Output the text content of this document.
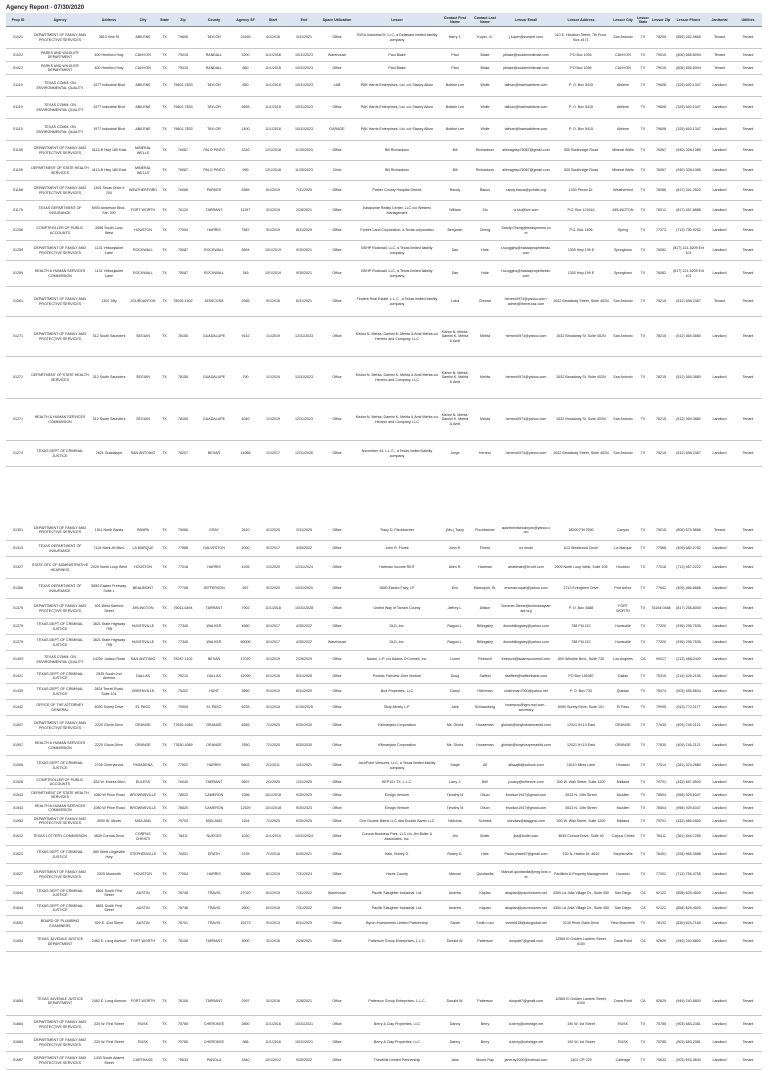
Agency Report - 07/30/2020
Prop ID	Agency	Address	City	State	Zip	County	Agency SF	Start	End	Space Utilization	Lessor	Contact First Name	Contact Last Name	Lessor Email	Lessor Address	Lessor City	Lessor State	Lessor Zip	Lessor Phone	Janitorial	Utilities
01021	DEPARTMENT OF FAMILY AND PROTECTIVE SERVICES	3610 Vine St	ABILENE	TX	79605	TAYLOR	23165	4/1/2016	3/31/2021	Office	SVEA Industrial III, LLC, a Delaware limited liability company	Harry J.	Kuper, Jr.	j.kuper@svearei.com	110 E. Houston Street, 7th Floor, Box #171	San Antonio	TX	78205	(855) 262-9665	Tenant	Tenant
01022	PARKS AND WILDLIFE DEPARTMENT	400 Hereford Hwy	CANYON	TX	79015	RANDALL	3200	11/1/2018	10/31/2023	Warehouse	Paul Blake	Paul	Blake	pblake@suddenlinkmail.com	PO Box 1094	CANYON	TX	79015	(806) 655-5094	Tenant	Tenant
01022	PARKS AND WILDLIFE DEPARTMENT	400 Hereford Hwy	CANYON	TX	79015	RANDALL	860	11/1/2018	10/31/2023	Office	Paul Blake	Paul	Blake	pblake@suddenlinkmail.com	PO Box 1094	CANYON	TX	79015	(806) 655-5094	Tenant	Tenant
01110	TEXAS COMM. ON ENVIRONMENTAL QUALITY	1977 Industrial Blvd	ABILENE	TX	79602-7833	TAYLOR	850	11/1/2018	10/31/2023	LAB	PAK Harris Enterprises, Ltd. c/o Stacey Allum	Bobbie Lee	Wolfe	talhum@harrisabilene.com	P. O. Box 5415	Abilene	TX	79608	(325) 692-1347	Landlord	Tenant
01110	TEXAS COMM. ON ENVIRONMENTAL QUALITY	1977 Industrial Blvd	ABILENE	TX	79602-7833	TAYLOR	6555	11/1/2018	10/31/2023	Office	PAK Harris Enterprises, Ltd. c/o Stacey Allum	Bobbie Lee	Wolfe	talhum@harrisabilene.com	P. O. Box 5415	Abilene	TX	79608	(325) 692-1347	Landlord	Tenant
01110	TEXAS COMM. ON ENVIRONMENTAL QUALITY	1977 Industrial Blvd	ABILENE	TX	79602-7833	TAYLOR	1400	11/1/2018	10/31/2023	GARAGE	PAK Harris Enterprises, Ltd. c/o Stacey Allum	Bobbie Lee	Wolfe	talhum@harrisabilene.com	P. O. Box 5415	Abilene	TX	79608	(325) 692-1347	Landlord	Tenant
01159	DEPARTMENT OF FAMILY AND PROTECTIVE SERVICES	4113-B Hwy 180 East	MINERAL WELLS	TX	76067	PALO PINTO	3310	12/1/2018	11/30/2023	Office	Bill Richardson	Bill	Richardson	allenagrisp76067@gmail.com	500 Southridge Road	Mineral Wells	TX	76067	(940) 328-1085	Landlord	Tenant
01159	DEPARTMENT OF STATE HEALTH SERVICES	4113-B Hwy 180 East	MINERAL WELLS	TX	76067	PALO PINTO	990	12/1/2018	11/30/2023	Clinic	Bill Richardson	Bill	Richardson	allenagrisp76067@gmail.com	500 Southridge Road	Mineral Wells	TX	76067	(940) 328-1085	Landlord	Tenant
01168	DEPARTMENT OF FAMILY AND PROTECTIVE SERVICES	1501 Texas Drive # 200	WEATHERFORD	TX	76086	PARKER	5365	8/1/2019	7/31/2020	Office	Parker County Hospital District	Randy	Bacus	randy.bacus@pchdtx.org	1330 Pecan Dr.	Weatherford	TX	76086	(817) 341-2520	Landlord	Tenant
01176	TEXAS DEPARTMENT OF INSURANCE	6900 Anderson Blvd., Ste. 200	FORT WORTH	TX	76120	TARRANT	11197	3/1/2019	2/28/2021	Office	Eastpointe Realty Center, LLC c/o Westrec Management	William	Siu	w.siu@live.com	P.O. Box 121616	ARLINGTON	TX	76012	(817) 457-8888	Landlord	Tenant
01256	COMPTROLLER OF PUBLIC ACCOUNTS	2656 South Loop West	HOUSTON	TX	77054	HARRIS	7687	9/1/2019	8/31/2029	Office	Forbes Land Corporation, a Texas corporation	Benjamin	Cheng	Sandy.Cheng@texasprimes.com	P.O. Box 1406	Spring	TX	77373	(713) 750-9252	Landlord	Tenant
01259	DEPARTMENT OF FAMILY AND PROTECTIVE SERVICES	1131 Yellowjacket Lane	ROCKWALL	TX	75087	ROCKWALL	3694	10/1/2019	9/30/2021	Office	BSHP Rockwall, LLC, a Texas limited liability company	Dan	Hale	t.scoggins@hasaapropertiesllc.com	1300 Hwy 199 E	Springtown	TX	76082	(817) 221-5209 Ext 101	Landlord	Tenant
01259	HEALTH & HUMAN SERVICES COMMISSION	1131 Yellowjacket Lane	ROCKWALL	TX	75087	ROCKWALL	345	10/1/2019	9/30/2021	Office	BSHP Rockwall, LLC, a Texas limited liability company	Dan	Hale	t.scoggins@hasaapropertiesllc.com	1300 Hwy 199 E	Springtown	TX	76082	(817) 221-5209 Ext 101	Landlord	Tenant
01261	DEPARTMENT OF FAMILY AND PROTECTIVE SERVICES	1302 Jiffy	JOURDANTON	TX	78026-1502	ATASCOSA	2985	9/1/2016	8/31/2021	Office	Finders Real Estate, L.L.C., a Texas limited liability company	Luica	Choose	herrero0974@yahoo.com / admin@herreroaz.com	2632 Broadway Street, Suite 402N	San Antonio	TX	78215	(512) 658-2367	Tenant	Tenant
01271	DEPARTMENT OF FAMILY AND PROTECTIVE SERVICES	312 South Saunders	SEGUIN	TX	78155	GUADALUPE	9142	1/1/2019	12/31/2023	Office	Kishor N. Mehta, Damini K. Mehta & Amit Mehta c/o Herrero and Company, LLC	Kishor N. Mehta, Damini K. Mehta & Amit	Mehta	herrero0974@yahoo.com	2632 Broadway St. Suite 402N	San Antonio	TX	78215	(512) 369-3880	Landlord	Tenant
01271	DEPARTMENT OF STATE HEALTH SERVICES	312 South Saunders	SEGUIN	TX	78155	GUADALUPE	790	1/1/2019	12/31/2023	Office	Kishor N. Mehta, Damini K. Mehta & Amit Mehta c/o Herrero and Company, LLC	Kishor N. Mehta, Damini K. Mehta & Amit	Mehta	herrero0974@yahoo.com	2632 Broadway St. Suite 402N	San Antonio	TX	78215	(512) 369-3880	Landlord	Tenant
01271	HEALTH & HUMAN SERVICES COMMISSION	312 South Saunders	SEGUIN	TX	78155	GUADALUPE	4040	1/1/2019	12/31/2023	Office	Kishor N. Mehta, Damini K. Mehta & Amit Mehta c/o Herrero and Company, LLC	Kishor N. Mehta, Damini K. Mehta & Amit	Mehta	herrero0974@yahoo.com	2632 Broadway St. Suite 402N	San Antonio	TX	78215	(512) 369-3880	Landlord	Tenant
01274	TEXAS DEPT OF CRIMINAL JUSTICE	2821 Guadalupe	SAN ANTONIO	TX	78207	BEXAR	14968	1/1/2017	12/31/2026	Office	November 44, L.L.C., a Texas limited liability company	Jorge	Herrero	herrero0974@yahoo.com	2632 Broadway Street, Suite 402N	San Antonio	TX	78215	(512) 658-2367	Landlord	Tenant

01301	DEPARTMENT OF FAMILY AND PROTECTIVE SERVICES	1511 North Banks	PAMPA	TX	79066	GRAY	2610	4/1/2020	3/31/2025	Office	Tracy D. Fischbacher	(Ms.) Tracy	Fischbacher	apartmentsincanyon@yahoo.com	18200 FM 2590	Canyon	TX	79015	(806) 679-5686	Tenant	Tenant
01313	TEXAS DEPARTMENT OF INSURANCE	7124 Mark #5 Blvd.	LA MARQUE	TX	77568	GALVESTON	2000	5/1/2017	4/30/2022	Office	John R. Florek	John R.	Florek	no email	613 Westwood Circle	La Marque	TX	77568	(409) 682-2782	Landlord	Tenant
01327	STATE OFC OF ADMINISTRATIVE HEARINGS	2020 North Loop West	HOUSTON	TX	77018	HARRIS	4105	1/1/2020	12/31/2024	Office	Hartman Income REIT	Allen R.	Hartman	ahartman@hi-reit.com	2909 North Loop West, Suite 105	Houston	TX	77018	(713) 467-2222	Landlord	Tenant
01366	TEXAS DEPARTMENT OF INSURANCE	5550 Eastex Freeway, Suite L	BEAUMONT	TX	77708	JEFFERSON	657	5/1/2020	10/31/2020	Office	5550 Eastex Frwy, LP	Eric	Marroquin, Sr.	ericmarroquin@yahoo.com	2713 Evergreen Drive	Port Arthur	TX	77642	(409) 466-6666	Landlord	Tenant
01376	DEPARTMENT OF FAMILY AND PROTECTIVE SERVICES	401 West Sanford Street	ARLINGTON	TX	76011-6494	TARRANT	7902	11/1/2018	10/31/2028	Office	United Way of Tarrant County	Jeffrey L.	Allison	Sommer.Steele@unitedwaytarrant.org	P. O. Box 4488	FORT WORTH	TX	76164-0488	(817) 258-8000	Landlord	Tenant
01379	TEXAS DEPT OF CRIMINAL JUSTICE	3621 State Highway 75N	HUNTSVILLE	TX	77340	WALKER	4560	5/1/2017	4/30/2022	Office	DLD, Inc.	Ragosi L.	Billingsley	donwbillingsley@yahoo.com	788 FM 247	Huntsville	TX	77320	(936) 295-7535	Landlord	Tenant
01379	TEXAS DEPT OF CRIMINAL JUSTICE	3621 State Highway 75N	HUNTSVILLE	TX	77340	WALKER	60000	5/1/2017	4/30/2022	Warehouse	DLD, Inc.	Ragosi L.	Billingsley	donwbillingsley@yahoo.com	788 FM 247	Huntsville	TX	77320	(936) 295-7535	Landlord	Tenant
01403	TEXAS COMM. ON ENVIRONMENTAL QUALITY	14250 Judson Road	SAN ANTONIO	TX	78247-1102	BEXAR	17020	3/1/2019	2/28/2029	Office	Naomi, L.P. c/o Adams O'Connell, Inc.	Lionel	Reinisch	lreinisch@adamsoconnell.com	800 Wilshire Blvd., Suite 730	Los Angeles	CA	90017	(213) 488-2400	Landlord	Tenant
01421	TEXAS DEPT OF CRIMINAL JUSTICE	2535 South 2nd Avenue	DALLAS	TX	75210	DALLAS	12090	6/1/2016	5/31/2026	Office	Pontiac Fairview Joint Venture	Doug	Saffeel	dsaffeel@saffeelbank.com	PO Box 150387	Dallas	TX	75315	(214) 426-2155	Landlord	Tenant
01439	TEXAS DEPT OF CRIMINAL JUSTICE	2824 Terrell Road, Suite 101	GREENVILLE	TX	75402	HUNT	3560	9/1/2010	8/31/2020	Office	Bud Properties, LLC	Darryl	Hitchman	chitchman7000@yahoo.net	P. O. Box 730	Quinlan	TX	75474	(903) 455-5634	Landlord	Tenant
01442	OFFICE OF THE ATTORNEY GENERAL	6090 Surety Drive	EL PASO	TX	79905	EL PASO	6235	3/1/2015	11/30/2025	Office	Sixty-Ninety L.P.	Jack	Schlaanberg	hcampos@tgm-mpi.com - secretary	6090 Surety Drive, Suite 101	El Paso	TX	79905	(915) 772-1177	Landlord	Tenant
01507	DEPARTMENT OF FAMILY AND PROTECTIVE SERVICES	2220 Gloria Drive	ORANGE	TX	77630-4369	ORANGE	6555	7/1/2020	6/30/2030	Office	Kilimanjaro Corporation	Ms. Gloria	Houseman	gloriah@tonyhousemanltd.com	12021 IH-10 East	ORANGE	TX	77630	(409) 745-2121	Landlord	Tenant
01507	HEALTH & HUMAN SERVICES COMMISSION	2220 Gloria Drive	ORANGE	TX	77630-4369	ORANGE	7650	7/1/2020	6/30/2030	Office	Kilimanjaro Corporation	Ms. Gloria	Houseman	gloriah@tonyhousemanltd.com	12021 IH-10 East	ORANGE	TX	77630	(409) 745-2121	Landlord	Tenant
01508	TEXAS DEPT OF CRIMINAL JUSTICE	2706 Cherrybrook	PASADENA	TX	77502	HARRIS	6603	2/1/2011	1/31/2021	Office	ArchPoint Ventures, LLC, a Texas limited liability company	Saqib	Ali	alisaqib@outlook.com	15110 Mints Lane	Houston	TX	77014	(281) 323-2680	Landlord	Tenant
01528	COMPTROLLER OF PUBLIC ACCOUNTS	833 W. Euless Blvd	EULESS	TX	76040	TARRANT	5697	2/1/2020	1/31/2025	Office	HEP101 TX, L.L.C.	Larry J.	Bell	jcoacy@fcfirenze.com	300 W. Wall Street, Suite 1200	Midland	TX	79701	(432) 687-5500	Landlord	Tenant
01543	DEPARTMENT OF STATE HEALTH SERVICES	1080 W Price Road	BROWNSVILLE	TX	78520	CAMERON	1056	10/1/2018	9/30/2023	Office	Ensign Venture	Timothy M	Olson	tmolson1947@gmail.com	5513 N. 10th Street	McAllen	TX	78504	(956) 929-6347	Landlord	Tenant
01543	HEALTH & HUMAN SERVICES COMMISSION	1080 W Price Road	BROWNSVILLE	TX	78520	CAMERON	12529	10/1/2018	9/30/2023	Office	Ensign Venture	Timothy M	Olson	tmolson1947@gmail.com	5513 N. 10th Street	McAllen	TX	78504	(956) 929-6347	Landlord	Tenant
01552	DEPARTMENT OF FAMILY AND PROTECTIVE SERVICES	4500 W. Illinois	MIDLAND	TX	79703	MIDLAND	1154	7/1/2020	6/30/2025	Office	One Double Barrel LLC dba Double Barrel LLC	Nicholas	Schmidt	nicholas@staggmc.com	300 W. Wall Street, Suite 1200	Midland	TX	79701	(432) 685-0900	Landlord	Tenant
01612	TEXAS LOTTERY COMMISSION	4639 Corona Drive	CORPUS CHRISTI	TX	78411	NUECES	1030	11/1/2019	10/31/2024	Office	Corona Business Park, LLC c/o Jim Boller & Associates, Inc.	Jim	Boller	jba@boller.com	4639 Corona Drive, Suite 40	Corpus Christi	TX	78411	(361) 844-7265	Landlord	Tenant
01621	TEXAS DEPT OF CRIMINAL JUSTICE	580 West Lingleville Hwy	STEPHENVILLE	TX	76401	ERATH	2135	7/1/2016	6/30/2021	Office	Hale, Robey G.	Robey G.	Hale	Paula phale67@gmail.com	150 N. Harbin Dr. #610	Stephenville	TX	76401	(254) 965-3588	Landlord	Tenant
01627	DEPARTMENT OF FAMILY AND PROTECTIVE SERVICES	2525 Murworth	HOUSTON	TX	77054	HARRIS	53056	8/1/2019	7/31/2024	Office	Harris County	Manuel	Quintanilla	Manuel.quintanilla@eng.hctx.net	Facilities & Property Management	Houston	TX	77002	(713) 755-4755	Landlord	Tenant
01644	TEXAS DEPT OF CRIMINAL JUSTICE	8801 South First Street	AUSTIN	TX	78748	TRAVIS	27020	8/1/2015	7/31/2022	Warehouse	Pacific Slaughter Industrial, Ltd.	Andrew	Kaplan	akaplan@pacventures.net	4350 La Jolla Village Dr., Suite 450	San Diego	CA	92122	(858) 625-4500	Landlord	Tenant
01644	TEXAS DEPT OF CRIMINAL JUSTICE	8801 South First Street	AUSTIN	TX	78748	TRAVIS	2600	8/1/2015	7/31/2022	Office	Pacific Slaughter Industrial, Ltd.	Andrew	Kaplan	akaplan@pacventures.net	4350 La Jolla Village Dr., Suite 450	San Diego	CA	92122	(858) 625-4500	Landlord	Tenant
01652	BOARD OF PLUMBING EXAMINERS	929 E. 41st Street	AUSTIN	TX	78751	TRAVIS	15273	9/1/2013	8/31/2023	Office	Byron Investments Limited Partnership	Sarah	Smith Lord	ssmith108@sbcglobal.net	3130 River Oaks Drive	New Braunfels	TX	78132	(830) 624-7165	Landlord	Tenant
01654	TEXAS JUVENILE JUSTICE DEPARTMENT	2462 E. Long Avenue	FORT WORTH	TX	76106	TARRANT	3000	3/1/2016	2/28/2021	Office	Patterson Group Enterprises, L.L.C.	Donald W.	Patterson	donpatt7@gmail.com	12565 El Golden Lantern Street, #100	Dana Point	CA	92629	(949) 240-8800	Landlord	Tenant

01654	TEXAS JUVENILE JUSTICE DEPARTMENT	2462 E. Long Avenue	FORT WORTH	TX	76106	TARRANT	2997	3/1/2016	2/28/2021	Office	Patterson Group Enterprises, L.L.C.	Donald W.	Patterson	donpatt7@gmail.com	12565 El Golden Lantern Street, #100	Dana Point	CA	92629	(949) 240-8800	Landlord	Tenant
01664	DEPARTMENT OF FAMILY AND PROTECTIVE SERVICES	220 W. First Street	RUSK	TX	75785	CHEROKEE	2800	11/1/2016	10/31/2021	Office	Berry & Clay Properties, LLC	Danny	Berry	d.berry@cebridge.net	190 W. 1st Street	RUSK	TX	75785	(903) 683-2381	Landlord	Tenant
01664	DEPARTMENT OF FAMILY AND PROTECTIVE SERVICES	220 W. First Street	RUSK	TX	75785	CHEROKEE	988	11/1/2016	10/31/2021	Office	Berry & Clay Properties, LLC	Danny	Berry	d.berry@cebridge.net	190 W. 1st Street	RUSK	TX	75785	(903) 683-2381	Landlord	Tenant
01667	DEPARTMENT OF FAMILY AND PROTECTIVE SERVICES	1430 South Adams Street	CARTHAGE	TX	75633	PANOLA	1840	10/1/2012	9/30/2022	Office	Thewlillis Limited Partnership	Jane	Moore Ray	janeray2000@hotmail.com	1401 CR 225	Carthage	TX	75633	(903) 693-3640	Landlord	Tenant
